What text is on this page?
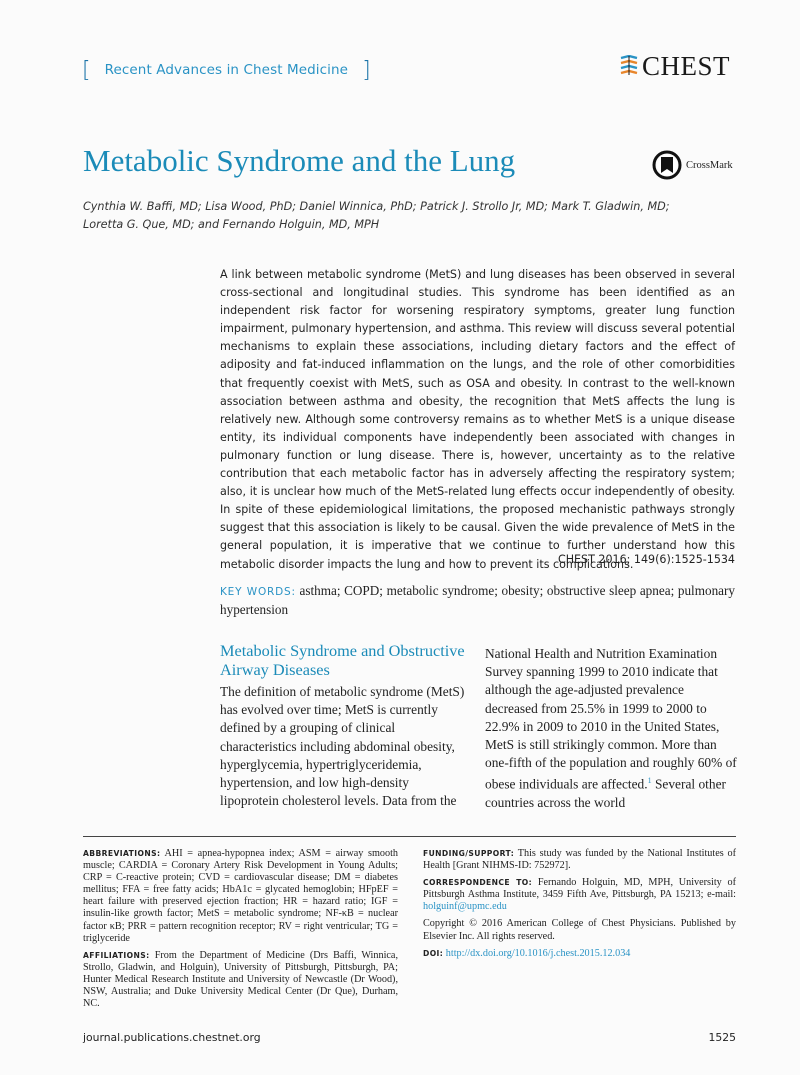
[ Recent Advances in Chest Medicine ]	CHEST
Metabolic Syndrome and the Lung	CrossMark
Cynthia W. Baffi, MD; Lisa Wood, PhD; Daniel Winnica, PhD; Patrick J. Strollo Jr, MD; Mark T. Gladwin, MD;
Loretta G. Que, MD; and Fernando Holguin, MD, MPH
A link between metabolic syndrome (MetS) and lung diseases has been observed in several cross-sectional and longitudinal studies. This syndrome has been identified as an independent risk factor for worsening respiratory symptoms, greater lung function impairment, pulmonary hypertension, and asthma. This review will discuss several potential mechanisms to explain these associations, including dietary factors and the effect of adiposity and fat-induced inflammation on the lungs, and the role of other comorbidities that frequently coexist with MetS, such as OSA and obesity. In contrast to the well-known association between asthma and obesity, the recognition that MetS affects the lung is relatively new. Although some controversy remains as to whether MetS is a unique disease entity, its individual components have independently been associated with changes in pulmonary function or lung disease. There is, however, uncertainty as to the relative contribution that each metabolic factor has in adversely affecting the respiratory system; also, it is unclear how much of the MetS-related lung effects occur independently of obesity. In spite of these epidemiological limitations, the proposed mechanistic pathways strongly suggest that this association is likely to be causal. Given the wide prevalence of MetS in the general population, it is imperative that we continue to further understand how this metabolic disorder impacts the lung and how to prevent its complications.
CHEST 2016; 149(6):1525-1534
KEY WORDS: asthma; COPD; metabolic syndrome; obesity; obstructive sleep apnea; pulmonary hypertension
Metabolic Syndrome and Obstructive Airway Diseases
The definition of metabolic syndrome (MetS) has evolved over time; MetS is currently defined by a grouping of clinical characteristics including abdominal obesity, hyperglycemia, hypertriglyceridemia, hypertension, and low high-density lipoprotein cholesterol levels. Data from the
National Health and Nutrition Examination Survey spanning 1999 to 2010 indicate that although the age-adjusted prevalence decreased from 25.5% in 1999 to 2000 to 22.9% in 2009 to 2010 in the United States, MetS is still strikingly common. More than one-fifth of the population and roughly 60% of obese individuals are affected.$^1$ Several other countries across the world
ABBREVIATIONS: AHI = apnea-hypopnea index; ASM = airway smooth muscle; CARDIA = Coronary Artery Risk Development in Young Adults; CRP = C-reactive protein; CVD = cardiovascular disease; DM = diabetes mellitus; FFA = free fatty acids; HbA1c = glycated hemoglobin; HFpEF = heart failure with preserved ejection fraction; HR = hazard ratio; IGF = insulin-like growth factor; MetS = metabolic syndrome; NF-κB = nuclear factor κB; PRR = pattern recognition receptor; RV = right ventricular; TG = triglyceride
AFFILIATIONS: From the Department of Medicine (Drs Baffi, Winnica, Strollo, Gladwin, and Holguin), University of Pittsburgh, Pittsburgh, PA; Hunter Medical Research Institute and University of Newcastle (Dr Wood), NSW, Australia; and Duke University Medical Center (Dr Que), Durham, NC.
FUNDING/SUPPORT: This study was funded by the National Institutes of Health [Grant NIHMS-ID: 752972].
CORRESPONDENCE TO: Fernando Holguin, MD, MPH, University of Pittsburgh Asthma Institute, 3459 Fifth Ave, Pittsburgh, PA 15213; e-mail: holguinf@upmc.edu
Copyright © 2016 American College of Chest Physicians. Published by Elsevier Inc. All rights reserved.
DOI: http://dx.doi.org/10.1016/j.chest.2015.12.034
journal.publications.chestnet.org	1525
